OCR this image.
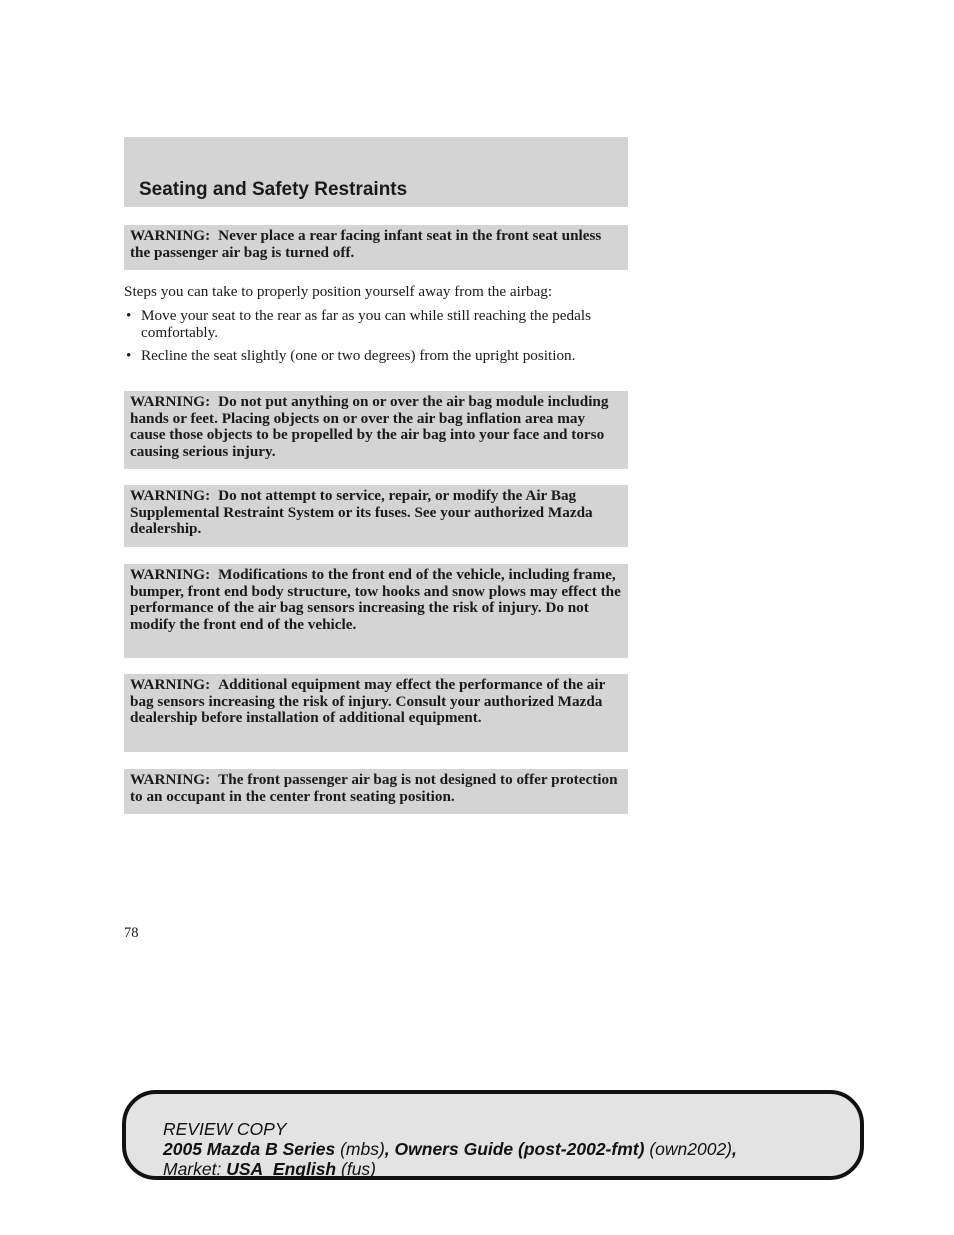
Seating and Safety Restraints
WARNING: Never place a rear facing infant seat in the front seat unless the passenger air bag is turned off.

Steps you can take to properly position yourself away from the airbag:

• Move your seat to the rear as far as you can while still reaching the pedals comfortably.
• Recline the seat slightly (one or two degrees) from the upright position.
WARNING: Do not put anything on or over the air bag module including hands or feet. Placing objects on or over the air bag inflation area may cause those objects to be propelled by the air bag into your face and torso causing serious injury.
WARNING: Do not attempt to service, repair, or modify the Air Bag Supplemental Restraint System or its fuses. See your authorized Mazda dealership.
WARNING: Modifications to the front end of the vehicle, including frame, bumper, front end body structure, tow hooks and snow plows may effect the performance of the air bag sensors increasing the risk of injury. Do not modify the front end of the vehicle.
WARNING: Additional equipment may effect the performance of the air bag sensors increasing the risk of injury. Consult your authorized Mazda dealership before installation of additional equipment.
WARNING: The front passenger air bag is not designed to offer protection to an occupant in the center front seating position.
78
REVIEW COPY
2005 Mazda B Series (mbs), Owners Guide (post-2002-fmt) (own2002),
Market: USA_English (fus)
